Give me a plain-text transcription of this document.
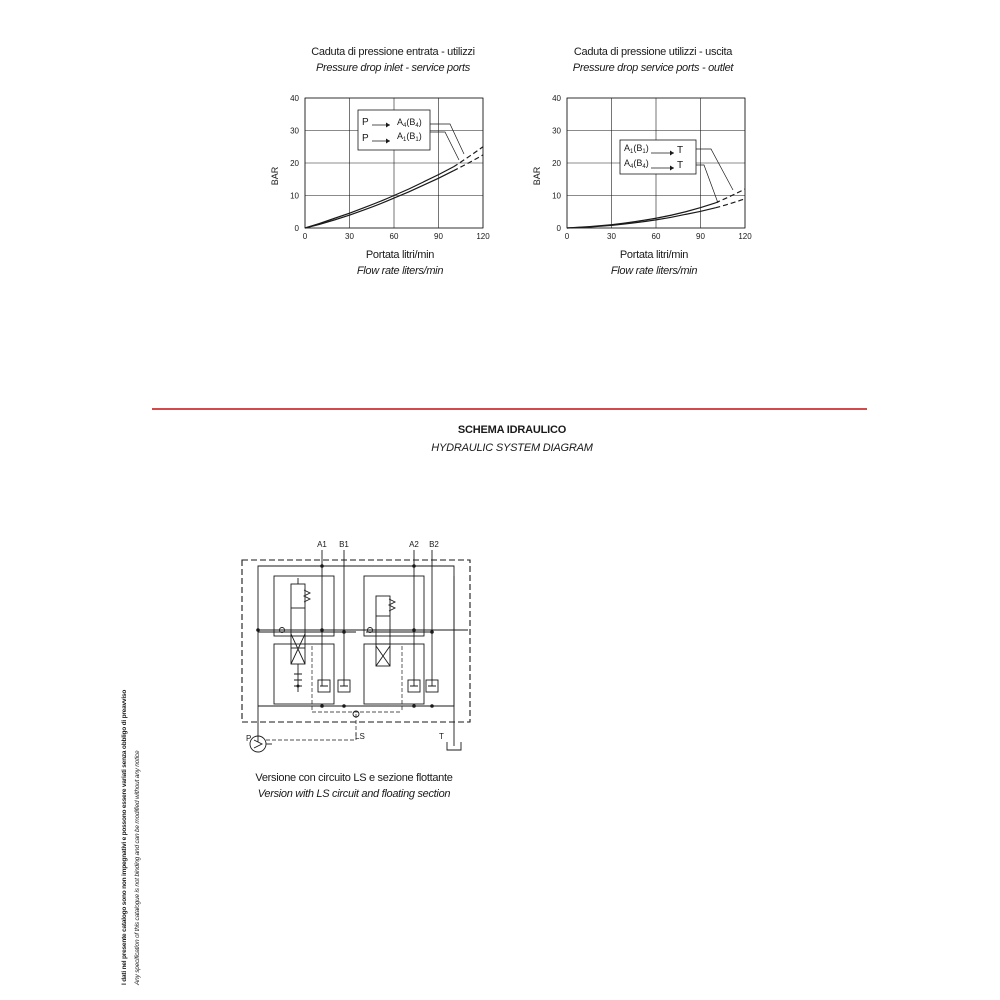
Caduta di pressione entrata - utilizzi
Pressure drop inlet - service ports
0	30	60	90	120
0
10
20
30
40
BAR
P	$A_4(B_4)$
P	$A_1(B_1)$
Portata litri/min
Flow rate liters/min
Caduta di pressione utilizzi - uscita
Pressure drop service ports - outlet
0	30	60	90	120
0
10
20
30
40
BAR
$A_1(B_1)$	T
$A_4(B_4)$	T
Portata litri/min
Flow rate liters/min
SCHEMA IDRAULICO
HYDRAULIC SYSTEM DIAGRAM
A1 B1	A2 B2
P	LS	T
Versione con circuito LS e sezione flottante
Version with LS circuit and floating section
I dati nel presente catalogo sono non impegnativi e possono essere variati senza obbligo di preavviso Any specification of this catalogue is not binding and can be modified without any notice
